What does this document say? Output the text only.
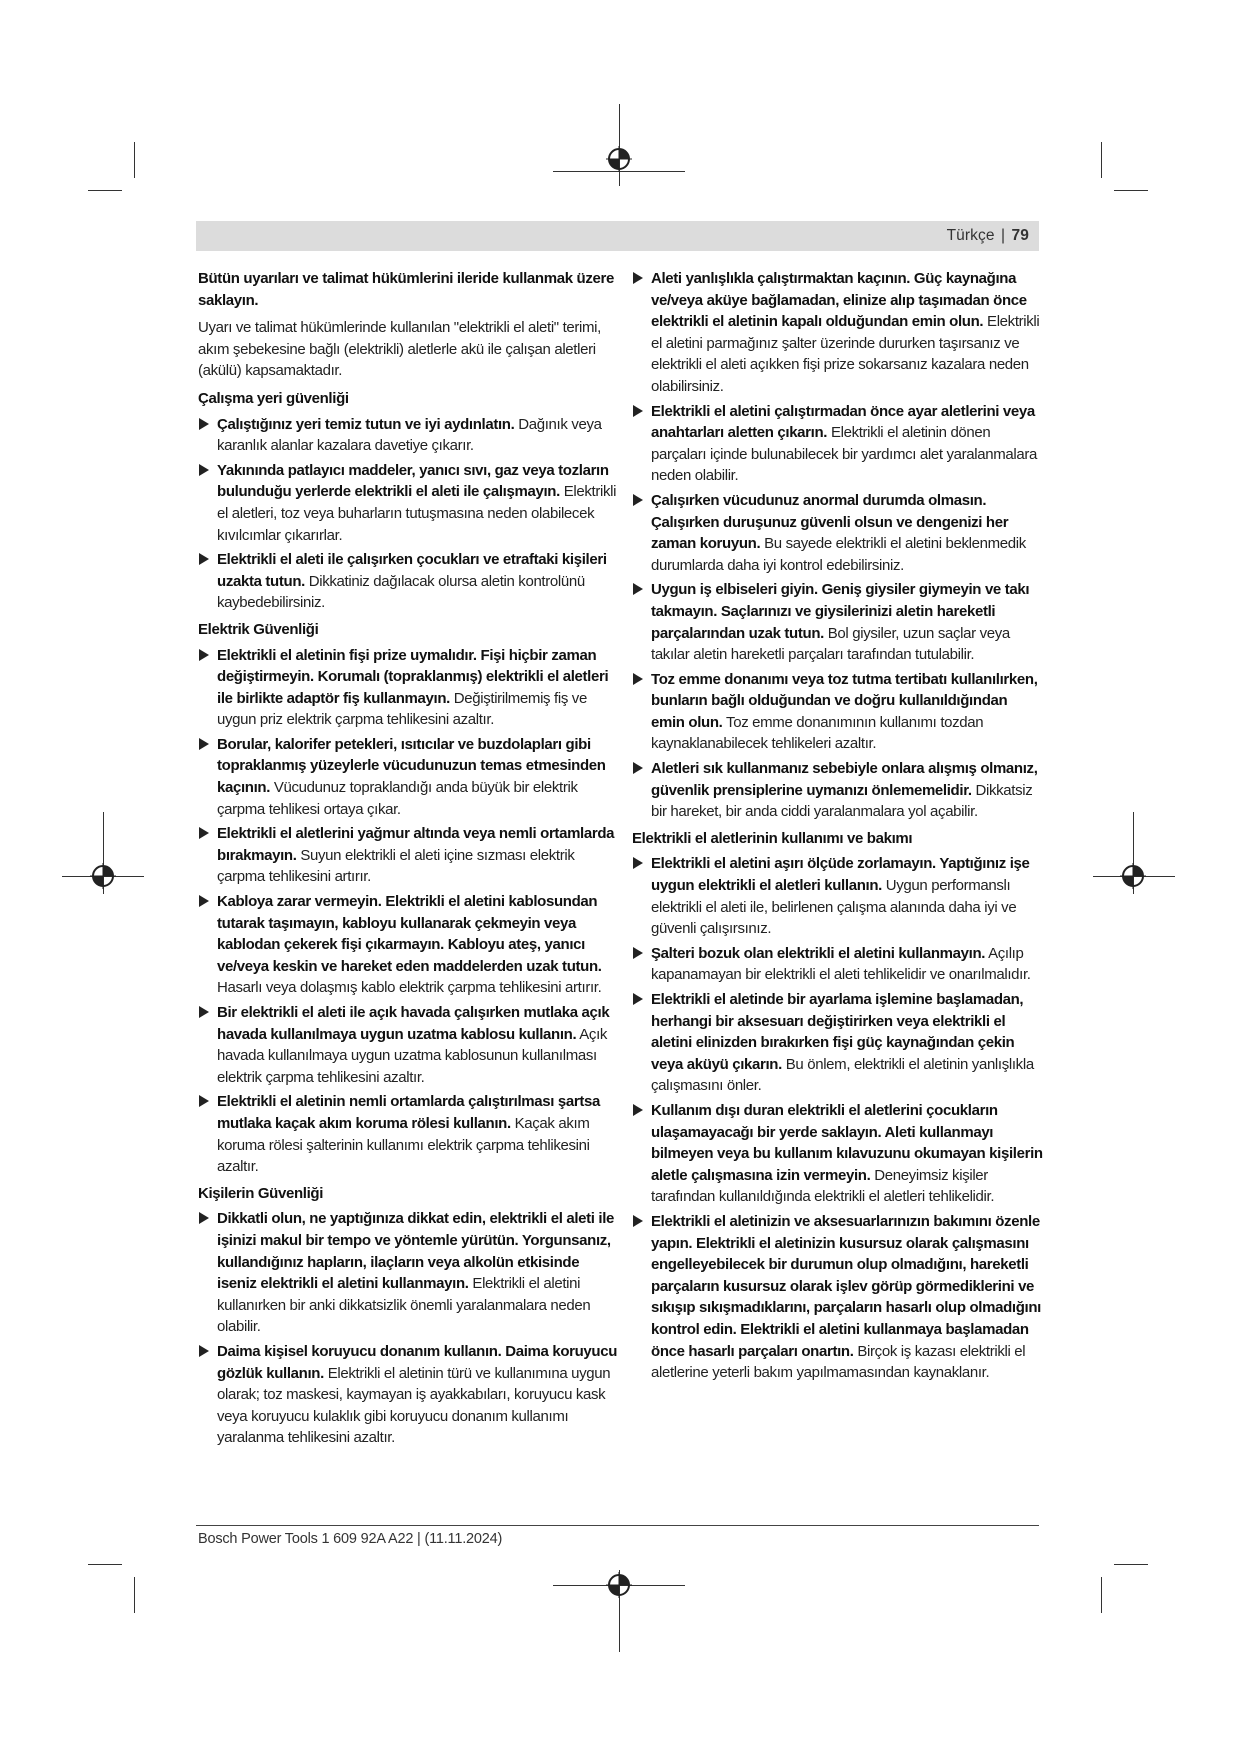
Türkçe | 79
Bütün uyarıları ve talimat hükümlerini ileride kullanmak üzere saklayın.
Uyarı ve talimat hükümlerinde kullanılan "elektrikli el aleti" terimi, akım şebekesine bağlı (elektrikli) aletlerle akü ile çalışan aletleri (akülü) kapsamaktadır.
Çalışma yeri güvenliği
Çalıştığınız yeri temiz tutun ve iyi aydınlatın. Dağınık veya karanlık alanlar kazalara davetiye çıkarır.
Yakınında patlayıcı maddeler, yanıcı sıvı, gaz veya tozların bulunduğu yerlerde elektrikli el aleti ile çalışmayın. Elektrikli el aletleri, toz veya buharların tutuşmasına neden olabilecek kıvılcımlar çıkarırlar.
Elektrikli el aleti ile çalışırken çocukları ve etraftaki kişileri uzakta tutun. Dikkatiniz dağılacak olursa aletin kontrolünü kaybedebilirsiniz.
Elektrik Güvenliği
Elektrikli el aletinin fişi prize uymalıdır. Fişi hiçbir zaman değiştirmeyin. Korumalı (topraklanmış) elektrikli el aletleri ile birlikte adaptör fiş kullanmayın. Değiştirilmemiş fiş ve uygun priz elektrik çarpma tehlikesini azaltır.
Borular, kalorifer petekleri, ısıtıcılar ve buzdolapları gibi topraklanmış yüzeylerle vücudunuzun temas etmesinden kaçının. Vücudunuz topraklandığı anda büyük bir elektrik çarpma tehlikesi ortaya çıkar.
Elektrikli el aletlerini yağmur altında veya nemli ortamlarda bırakmayın. Suyun elektrikli el aleti içine sızması elektrik çarpma tehlikesini artırır.
Kabloya zarar vermeyin. Elektrikli el aletini kablosundan tutarak taşımayın, kabloyu kullanarak çekmeyin veya kablodan çekerek fişi çıkarmayın. Kabloyu ateş, yanıcı ve/veya keskin ve hareket eden maddelerden uzak tutun. Hasarlı veya dolaşmış kablo elektrik çarpma tehlikesini artırır.
Bir elektrikli el aleti ile açık havada çalışırken mutlaka açık havada kullanılmaya uygun uzatma kablosu kullanın. Açık havada kullanılmaya uygun uzatma kablosunun kullanılması elektrik çarpma tehlikesini azaltır.
Elektrikli el aletinin nemli ortamlarda çalıştırılması şartsa mutlaka kaçak akım koruma rölesi kullanın. Kaçak akım koruma rölesi şalterinin kullanımı elektrik çarpma tehlikesini azaltır.
Kişilerin Güvenliği
Dikkatli olun, ne yaptığınıza dikkat edin, elektrikli el aleti ile işinizi makul bir tempo ve yöntemle yürütün. Yorgunsanız, kullandığınız hapların, ilaçların veya alkolün etkisinde iseniz elektrikli el aletini kullanmayın. Elektrikli el aletini kullanırken bir anki dikkatsizlik önemli yaralanmalara neden olabilir.
Daima kişisel koruyucu donanım kullanın. Daima koruyucu gözlük kullanın. Elektrikli el aletinin türü ve kullanımına uygun olarak; toz maskesi, kaymayan iş ayakkabıları, koruyucu kask veya koruyucu kulaklık gibi koruyucu donanım kullanımı yaralanma tehlikesini azaltır.
Aleti yanlışlıkla çalıştırmaktan kaçının. Güç kaynağına ve/veya aküye bağlamadan, elinize alıp taşımadan önce elektrikli el aletinin kapalı olduğundan emin olun. Elektrikli el aletini parmağınız şalter üzerinde dururken taşırsanız ve elektrikli el aleti açıkken fişi prize sokarsanız kazalara neden olabilirsiniz.
Elektrikli el aletini çalıştırmadan önce ayar aletlerini veya anahtarları aletten çıkarın. Elektrikli el aletinin dönen parçaları içinde bulunabilecek bir yardımcı alet yaralanmalara neden olabilir.
Çalışırken vücudunuz anormal durumda olmasın. Çalışırken duruşunuz güvenli olsun ve dengenizi her zaman koruyun. Bu sayede elektrikli el aletini beklenmedik durumlarda daha iyi kontrol edebilirsiniz.
Uygun iş elbiseleri giyin. Geniş giysiler giymeyin ve takı takmayın. Saçlarınızı ve giysilerinizi aletin hareketli parçalarından uzak tutun. Bol giysiler, uzun saçlar veya takılar aletin hareketli parçaları tarafından tutulabilir.
Toz emme donanımı veya toz tutma tertibatı kullanılırken, bunların bağlı olduğundan ve doğru kullanıldığından emin olun. Toz emme donanımının kullanımı tozdan kaynaklanabilecek tehlikeleri azaltır.
Aletleri sık kullanmanız sebebiyle onlara alışmış olmanız, güvenlik prensiplerine uymanızı önlememelidir. Dikkatsiz bir hareket, bir anda ciddi yaralanmalara yol açabilir.
Elektrikli el aletlerinin kullanımı ve bakımı
Elektrikli el aletini aşırı ölçüde zorlamayın. Yaptığınız işe uygun elektrikli el aletleri kullanın. Uygun performanslı elektrikli el aleti ile, belirlenen çalışma alanında daha iyi ve güvenli çalışırsınız.
Şalteri bozuk olan elektrikli el aletini kullanmayın. Açılıp kapanamayan bir elektrikli el aleti tehlikelidir ve onarılmalıdır.
Elektrikli el aletinde bir ayarlama işlemine başlamadan, herhangi bir aksesuarı değiştirirken veya elektrikli el aletini elinizden bırakırken fişi güç kaynağından çekin veya aküyü çıkarın. Bu önlem, elektrikli el aletinin yanlışlıkla çalışmasını önler.
Kullanım dışı duran elektrikli el aletlerini çocukların ulaşamayacağı bir yerde saklayın. Aleti kullanmayı bilmeyen veya bu kullanım kılavuzunu okumayan kişilerin aletle çalışmasına izin vermeyin. Deneyimsiz kişiler tarafından kullanıldığında elektrikli el aletleri tehlikelidir.
Elektrikli el aletinizin ve aksesuarlarınızın bakımını özenle yapın. Elektrikli el aletinizin kusursuz olarak çalışmasını engelleyebilecek bir durumun olup olmadığını, hareketli parçaların kusursuz olarak işlev görüp görmediklerini ve sıkışıp sıkışmadıklarını, parçaların hasarlı olup olmadığını kontrol edin. Elektrikli el aletini kullanmaya başlamadan önce hasarlı parçaları onartın. Birçok iş kazası elektrikli el aletlerine yeterli bakım yapılmamasından kaynaklanır.
Bosch Power Tools 1 609 92A A22 | (11.11.2024)
